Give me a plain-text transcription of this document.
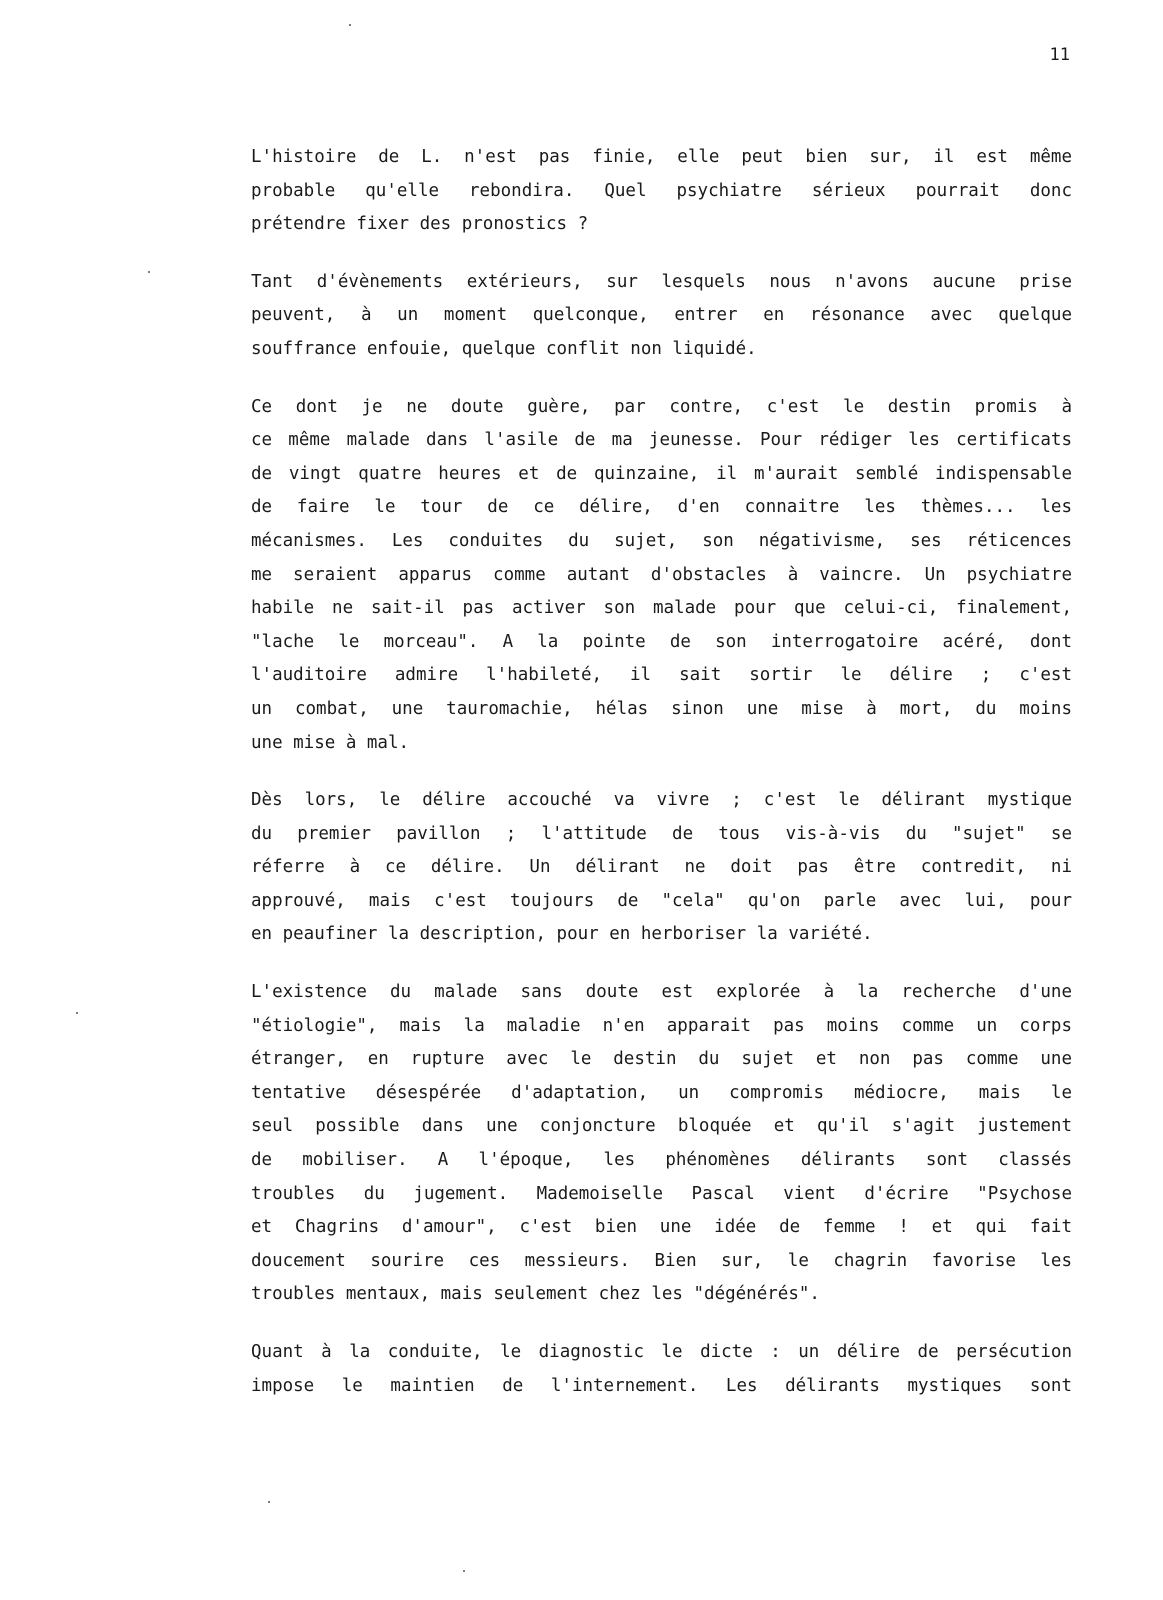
11

L'histoire de L. n'est pas finie, elle peut bien sur, il est même
probable qu'elle rebondira. Quel psychiatre sérieux pourrait donc
prétendre fixer des pronostics ?

Tant d'évènements extérieurs, sur lesquels nous n'avons aucune prise
peuvent, à un moment quelconque, entrer en résonance avec quelque
souffrance enfouie, quelque conflit non liquidé.

Ce dont je ne doute guère, par contre, c'est le destin promis à
ce même malade dans l'asile de ma jeunesse. Pour rédiger les certificats
de vingt quatre heures et de quinzaine, il m'aurait semblé indispensable
de faire le tour de ce délire, d'en connaitre les thèmes... les
mécanismes. Les conduites du sujet, son négativisme, ses réticences
me seraient apparus comme autant d'obstacles à vaincre. Un psychiatre
habile ne sait-il pas activer son malade pour que celui-ci, finalement,
"lache le morceau". A la pointe de son interrogatoire acéré, dont
l'auditoire admire l'habileté, il sait sortir le délire ; c'est
un combat, une tauromachie, hélas sinon une mise à mort, du moins
une mise à mal.

Dès lors, le délire accouché va vivre ; c'est le délirant mystique
du premier pavillon ; l'attitude de tous vis-à-vis du "sujet" se
réferre à ce délire. Un délirant ne doit pas être contredit, ni
approuvé, mais c'est toujours de "cela" qu'on parle avec lui, pour
en peaufiner la description, pour en herboriser la variété.

L'existence du malade sans doute est explorée à la recherche d'une
"étiologie", mais la maladie n'en apparait pas moins comme un corps
étranger, en rupture avec le destin du sujet et non pas comme une
tentative désespérée d'adaptation, un compromis médiocre, mais le
seul possible dans une conjoncture bloquée et qu'il s'agit justement
de mobiliser. A l'époque, les phénomènes délirants sont classés
troubles du jugement. Mademoiselle Pascal vient d'écrire "Psychose
et Chagrins d'amour", c'est bien une idée de femme ! et qui fait
doucement sourire ces messieurs. Bien sur, le chagrin favorise les
troubles mentaux, mais seulement chez les "dégénérés".

Quant à la conduite, le diagnostic le dicte : un délire de persécution
impose le maintien de l'internement. Les délirants mystiques sont
